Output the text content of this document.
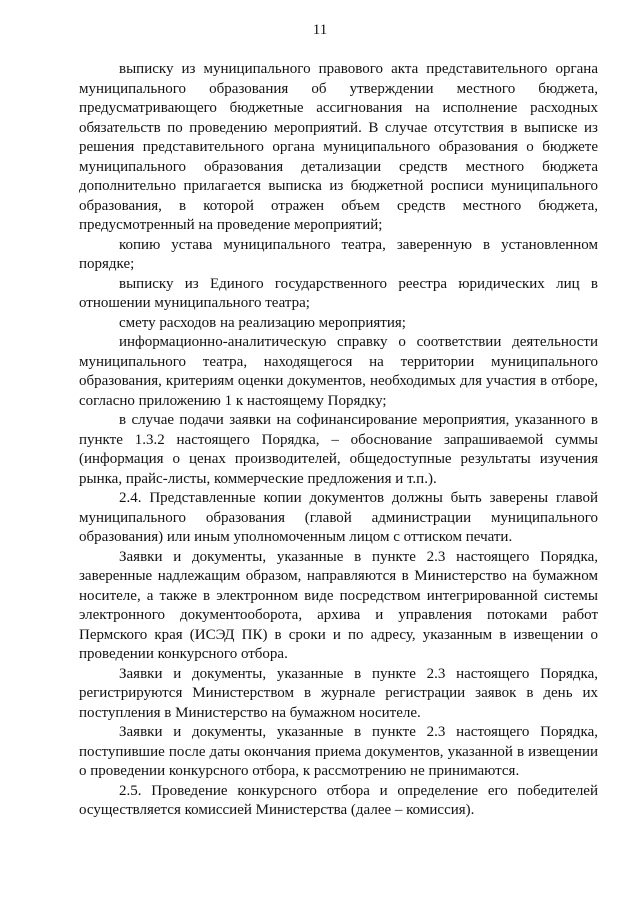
11

выписку из муниципального правового акта представительного органа муниципального образования об утверждении местного бюджета, предусматривающего бюджетные ассигнования на исполнение расходных обязательств по проведению мероприятий. В случае отсутствия в выписке из решения представительного органа муниципального образования о бюджете муниципального образования детализации средств местного бюджета дополнительно прилагается выписка из бюджетной росписи муниципального образования, в которой отражен объем средств местного бюджета, предусмотренный на проведение мероприятий;

копию устава муниципального театра, заверенную в установленном порядке;

выписку из Единого государственного реестра юридических лиц в отношении муниципального театра;

смету расходов на реализацию мероприятия;

информационно-аналитическую справку о соответствии деятельности муниципального театра, находящегося на территории муниципального образования, критериям оценки документов, необходимых для участия в отборе, согласно приложению 1 к настоящему Порядку;

в случае подачи заявки на софинансирование мероприятия, указанного в пункте 1.3.2 настоящего Порядка, – обоснование запрашиваемой суммы (информация о ценах производителей, общедоступные результаты изучения рынка, прайс-листы, коммерческие предложения и т.п.).

2.4. Представленные копии документов должны быть заверены главой муниципального образования (главой администрации муниципального образования) или иным уполномоченным лицом с оттиском печати.

Заявки и документы, указанные в пункте 2.3 настоящего Порядка, заверенные надлежащим образом, направляются в Министерство на бумажном носителе, а также в электронном виде посредством интегрированной системы электронного документооборота, архива и управления потоками работ Пермского края (ИСЭД ПК) в сроки и по адресу, указанным в извещении о проведении конкурсного отбора.

Заявки и документы, указанные в пункте 2.3 настоящего Порядка, регистрируются Министерством в журнале регистрации заявок в день их поступления в Министерство на бумажном носителе.

Заявки и документы, указанные в пункте 2.3 настоящего Порядка, поступившие после даты окончания приема документов, указанной в извещении о проведении конкурсного отбора, к рассмотрению не принимаются.

2.5. Проведение конкурсного отбора и определение его победителей осуществляется комиссией Министерства (далее – комиссия).
